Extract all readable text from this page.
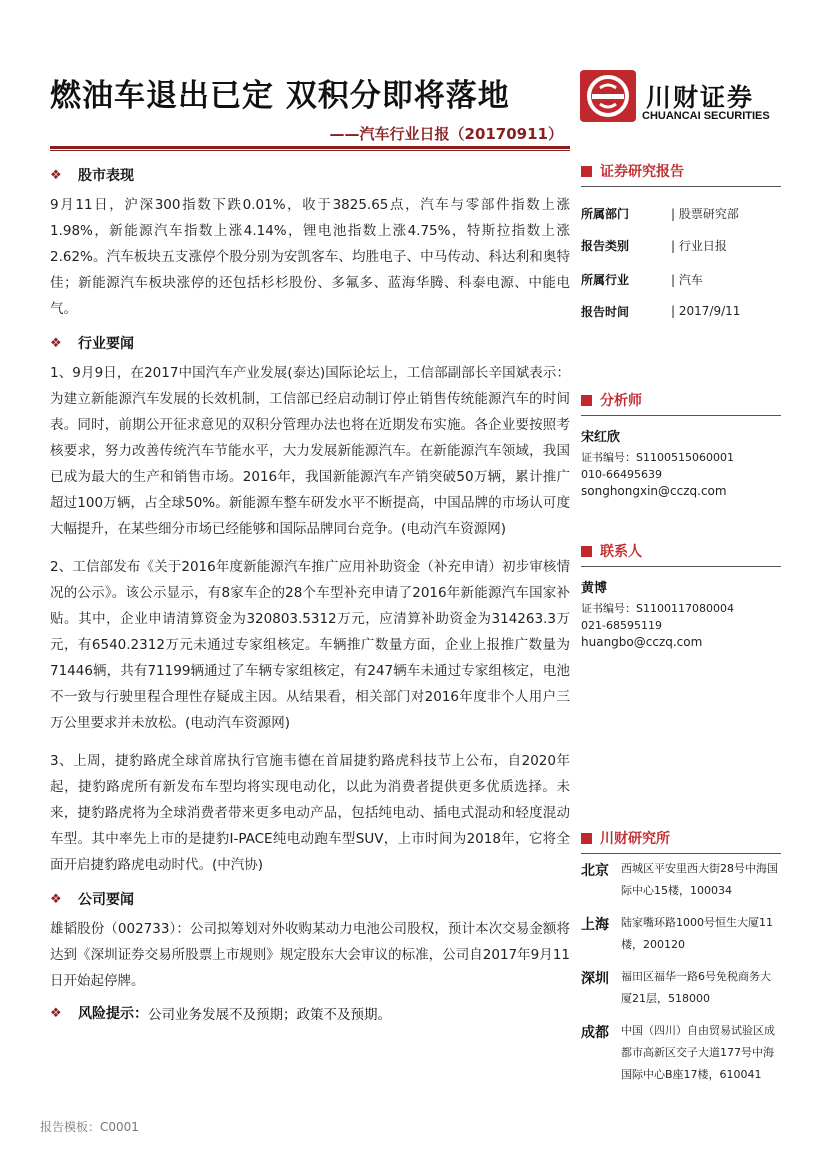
燃油车退出已定 双积分即将落地
——汽车行业日报（20170911）
川财证券
CHUANCAI SECURITIES
❖	股市表现

9月11日，沪深300指数下跌0.01%，收于3825.65点，汽车与零部件指数上涨1.98%，新能源汽车指数上涨4.14%，锂电池指数上涨4.75%，特斯拉指数上涨2.62%。汽车板块五支涨停个股分别为安凯客车、均胜电子、中马传动、科达利和奥特佳；新能源汽车板块涨停的还包括杉杉股份、多氟多、蓝海华腾、科泰电源、中能电气。

❖	行业要闻

1、9月9日，在2017中国汽车产业发展(泰达)国际论坛上，工信部副部长辛国斌表示：为建立新能源汽车发展的长效机制，工信部已经启动制订停止销售传统能源汽车的时间表。同时，前期公开征求意见的双积分管理办法也将在近期发布实施。各企业要按照考核要求，努力改善传统汽车节能水平，大力发展新能源汽车。在新能源汽车领域，我国已成为最大的生产和销售市场。2016年，我国新能源汽车产销突破50万辆，累计推广超过100万辆，占全球50%。新能源车整车研发水平不断提高，中国品牌的市场认可度大幅提升，在某些细分市场已经能够和国际品牌同台竞争。(电动汽车资源网)

2、工信部发布《关于2016年度新能源汽车推广应用补助资金（补充申请）初步审核情况的公示》。该公示显示，有8家车企的28个车型补充申请了2016年新能源汽车国家补贴。其中，企业申请清算资金为320803.5312万元，应清算补助资金为314263.3万元，有6540.2312万元未通过专家组核定。车辆推广数量方面，企业上报推广数量为71446辆，共有71199辆通过了车辆专家组核定，有247辆车未通过专家组核定，电池不一致与行驶里程合理性存疑成主因。从结果看，相关部门对2016年度非个人用户三万公里要求并未放松。(电动汽车资源网)

3、上周，捷豹路虎全球首席执行官施韦德在首届捷豹路虎科技节上公布，自2020年起，捷豹路虎所有新发布车型均将实现电动化，以此为消费者提供更多优质选择。未来，捷豹路虎将为全球消费者带来更多电动产品，包括纯电动、插电式混动和轻度混动车型。其中率先上市的是捷豹I-PACE纯电动跑车型SUV，上市时间为2018年，它将全面开启捷豹路虎电动时代。(中汽协)

❖	公司要闻

雄韬股份（002733）：公司拟筹划对外收购某动力电池公司股权，预计本次交易金额将达到《深圳证券交易所股票上市规则》规定股东大会审议的标准，公司自2017年9月11日开始起停牌。

❖	风险提示： 公司业务发展不及预期；政策不及预期。
证券研究报告
所属部门	| 股票研究部
报告类别	| 行业日报
所属行业	| 汽车
报告时间	| 2017/9/11
分析师
宋红欣
证书编号：S1100515060001
010-66495639
songhongxin@cczq.com
联系人
黄博
证书编号：S1100117080004
021-68595119
huangbo@cczq.com
川财研究所
北京	西城区平安里西大街28号中海国际中心15楼，100034
上海	陆家嘴环路1000号恒生大厦11楼，200120
深圳	福田区福华一路6号免税商务大厦21层，518000
成都	中国（四川）自由贸易试验区成都市高新区交子大道177号中海国际中心B座17楼，610041
报告模板：C0001
